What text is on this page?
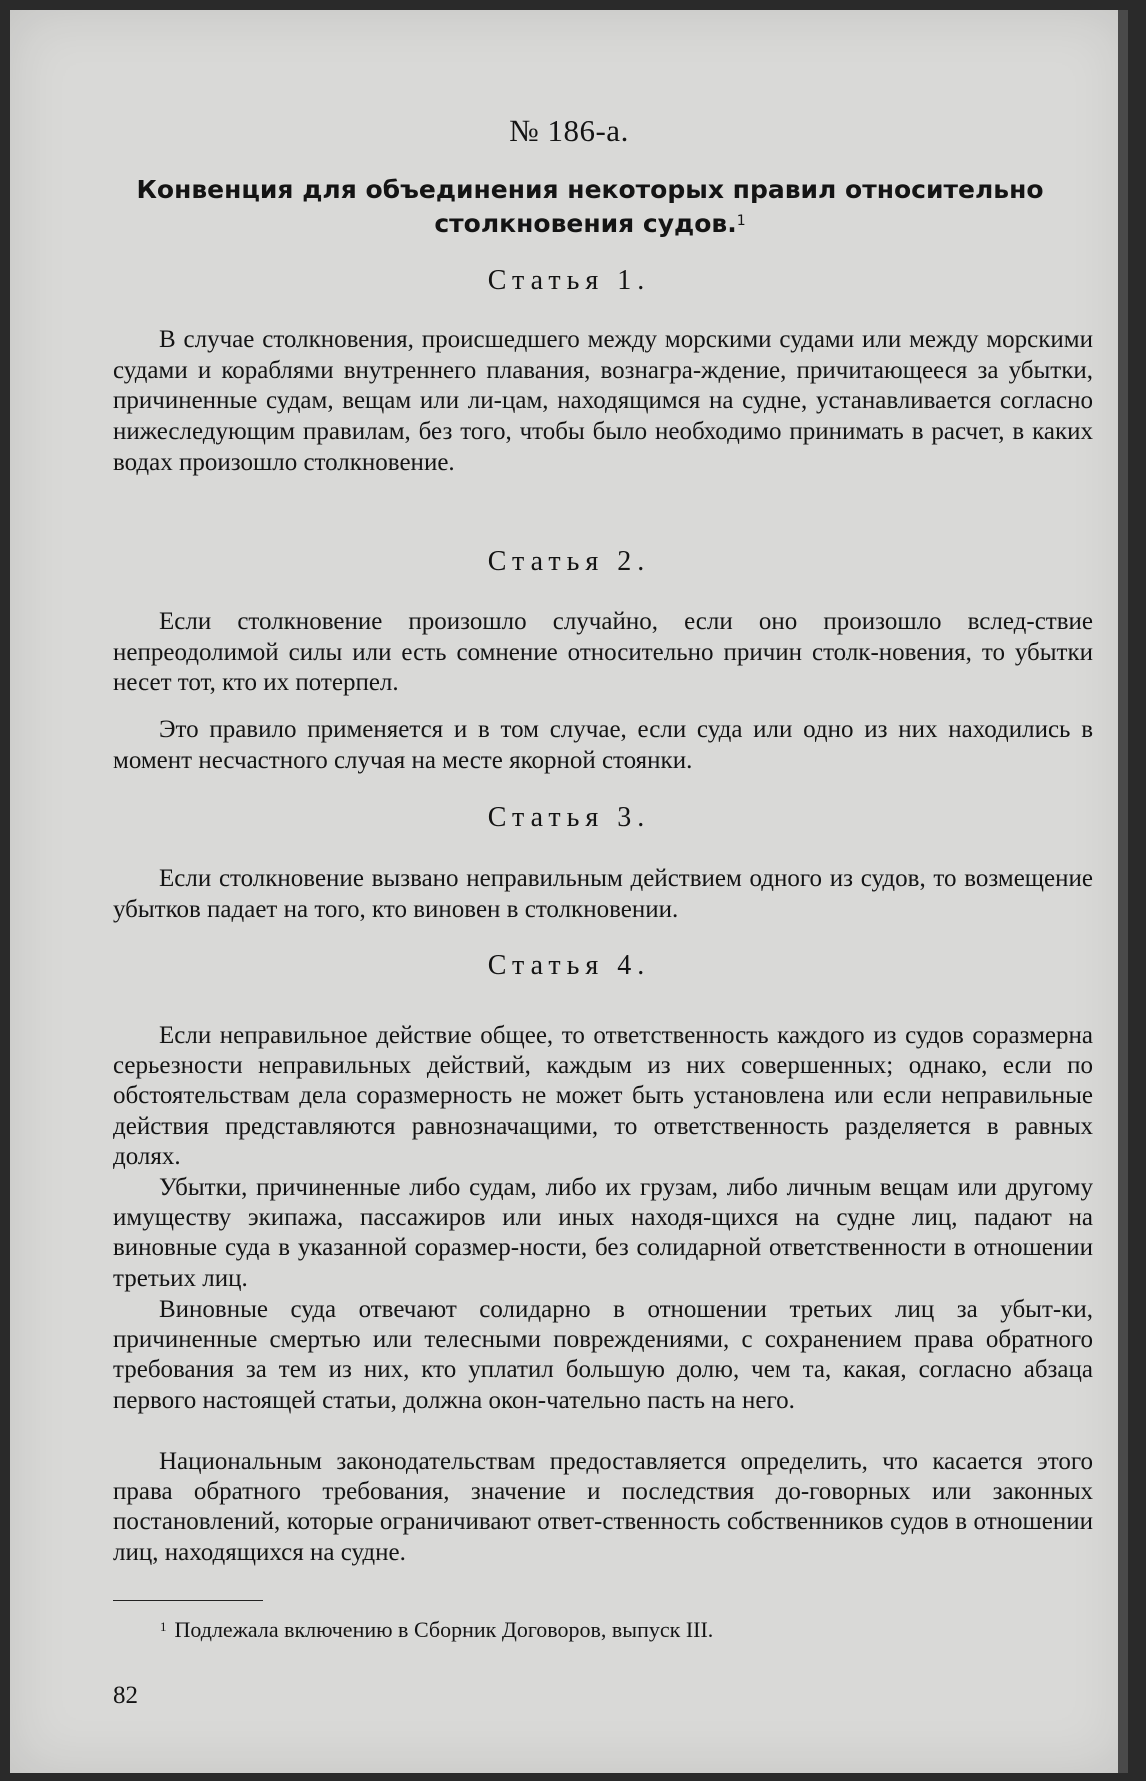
№ 186-а.
Конвенция для объединения некоторых правил относительно
столкновения судов.$^1$
Статья 1.

В случае столкновения, происшедшего между морскими судами или между морскими судами и кораблями внутреннего плавания, вознагра-ждение, причитающееся за убытки, причиненные судам, вещам или ли-цам, находящимся на судне, устанавливается согласно нижеследующим правилам, без того, чтобы было необходимо принимать в расчет, в каких водах произошло столкновение.

Статья 2.

Если столкновение произошло случайно, если оно произошло вслед-ствие непреодолимой силы или есть сомнение относительно причин столк-новения, то убытки несет тот, кто их потерпел.

Это правило применяется и в том случае, если суда или одно из них находились в момент несчастного случая на месте якорной стоянки.

Статья 3.

Если столкновение вызвано неправильным действием одного из судов, то возмещение убытков падает на того, кто виновен в столкновении.

Статья 4.

Если неправильное действие общее, то ответственность каждого из судов соразмерна серьезности неправильных действий, каждым из них совершенных; однако, если по обстоятельствам дела соразмерность не может быть установлена или если неправильные действия представляются равнозначащими, то ответственность разделяется в равных долях.

Убытки, причиненные либо судам, либо их грузам, либо личным вещам или другому имуществу экипажа, пассажиров или иных находя-щихся на судне лиц, падают на виновные суда в указанной соразмер-ности, без солидарной ответственности в отношении третьих лиц.

Виновные суда отвечают солидарно в отношении третьих лиц за убыт-ки, причиненные смертью или телесными повреждениями, с сохранением права обратного требования за тем из них, кто уплатил большую долю, чем та, какая, согласно абзаца первого настоящей статьи, должна окон-чательно пасть на него.

Национальным законодательствам предоставляется определить, что касается этого права обратного требования, значение и последствия до-говорных или законных постановлений, которые ограничивают ответ-ственность собственников судов в отношении лиц, находящихся на судне.

$^1$ Подлежала включению в Сборник Договоров, выпуск III.
82
